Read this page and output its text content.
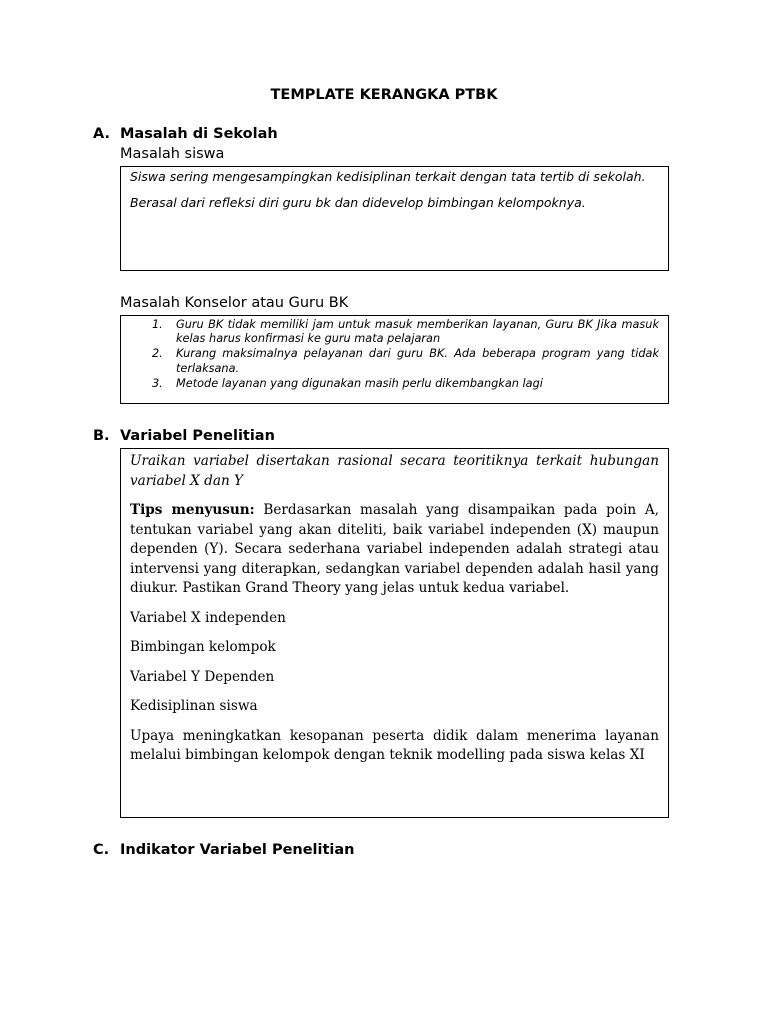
TEMPLATE KERANGKA PTBK
A. Masalah di Sekolah
Masalah siswa

Siswa sering mengesampingkan kedisiplinan terkait dengan tata tertib di sekolah.

Berasal dari refleksi diri guru bk dan didevelop bimbingan kelompoknya.

Masalah Konselor atau Guru BK
1. Guru BK tidak memiliki jam untuk masuk memberikan layanan, Guru BK Jika masuk kelas harus konfirmasi ke guru mata pelajaran
2. Kurang maksimalnya pelayanan dari guru BK. Ada beberapa program yang tidak terlaksana.
3. Metode layanan yang digunakan masih perlu dikembangkan lagi
B. Variabel Penelitian

Uraikan variabel disertakan rasional secara teoritiknya terkait hubungan variabel X dan Y

Tips menyusun: Berdasarkan masalah yang disampaikan pada poin A, tentukan variabel yang akan diteliti, baik variabel independen (X) maupun dependen (Y). Secara sederhana variabel independen adalah strategi atau intervensi yang diterapkan, sedangkan variabel dependen adalah hasil yang diukur. Pastikan Grand Theory yang jelas untuk kedua variabel.

Variabel X independen

Bimbingan kelompok

Variabel Y Dependen

Kedisiplinan siswa

Upaya meningkatkan kesopanan peserta didik dalam menerima layanan melalui bimbingan kelompok dengan teknik modelling pada siswa kelas XI

C. Indikator Variabel Penelitian
